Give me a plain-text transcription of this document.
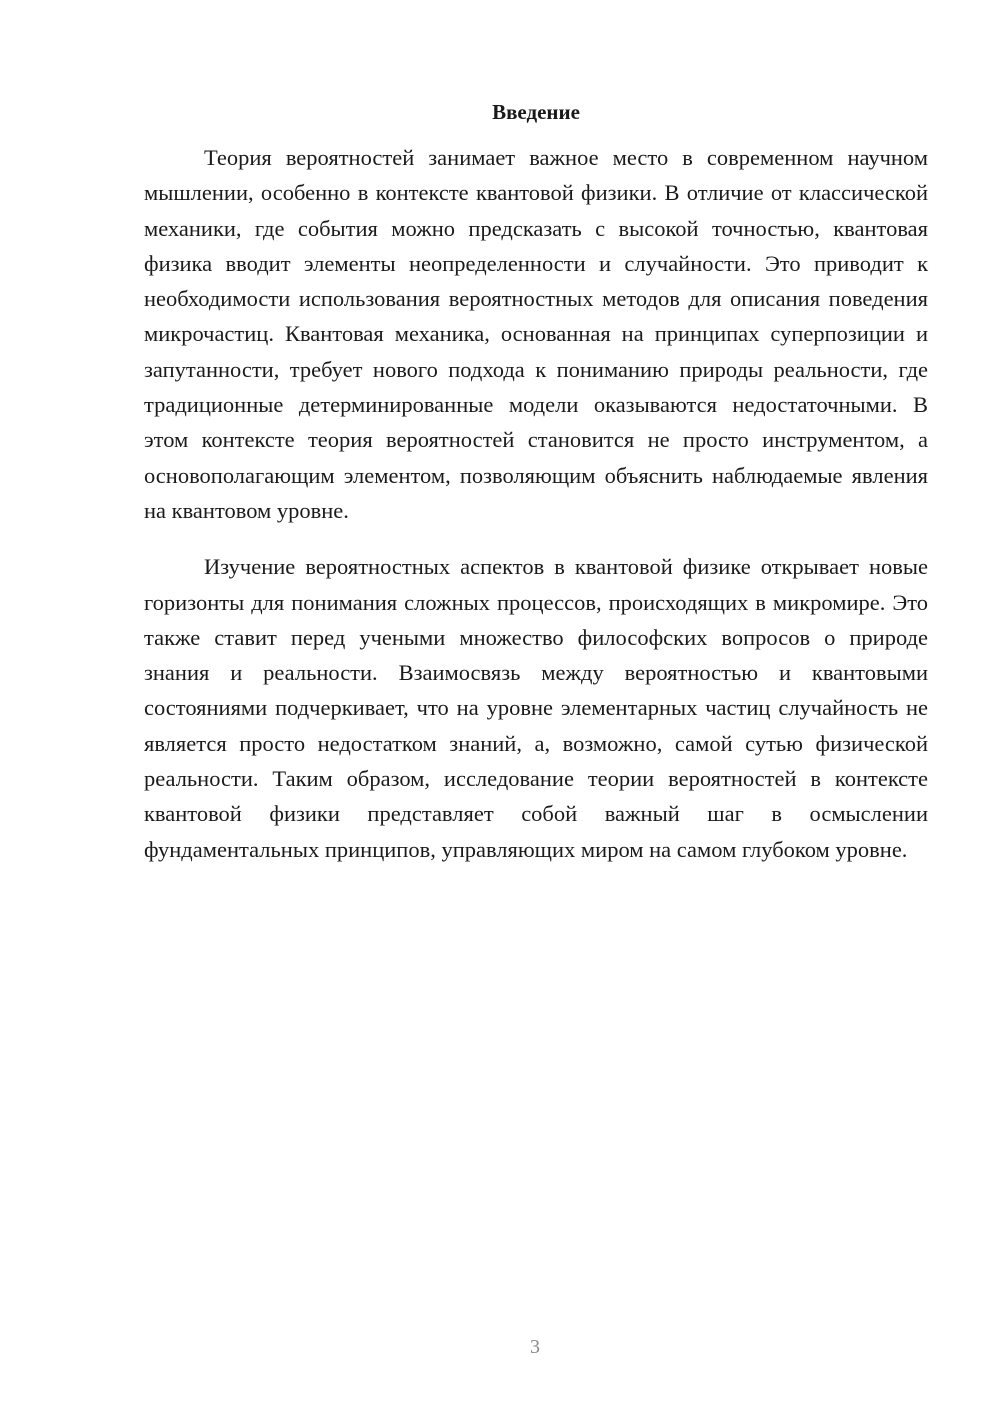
Введение

Теория вероятностей занимает важное место в современном научном мышлении, особенно в контексте квантовой физики. В отличие от классической механики, где события можно предсказать с высокой точностью, квантовая физика вводит элементы неопределенности и случайности. Это приводит к необходимости использования вероятностных методов для описания поведения микрочастиц. Квантовая механика, основанная на принципах суперпозиции и запутанности, требует нового подхода к пониманию природы реальности, где традиционные детерминированные модели оказываются недостаточными. В этом контексте теория вероятностей становится не просто инструментом, а основополагающим элементом, позволяющим объяснить наблюдаемые явления на квантовом уровне.

Изучение вероятностных аспектов в квантовой физике открывает новые горизонты для понимания сложных процессов, происходящих в микромире. Это также ставит перед учеными множество философских вопросов о природе знания и реальности. Взаимосвязь между вероятностью и квантовыми состояниями подчеркивает, что на уровне элементарных частиц случайность не является просто недостатком знаний, а, возможно, самой сутью физической реальности. Таким образом, исследование теории вероятностей в контексте квантовой физики представляет собой важный шаг в осмыслении фундаментальных принципов, управляющих миром на самом глубоком уровне.

3
